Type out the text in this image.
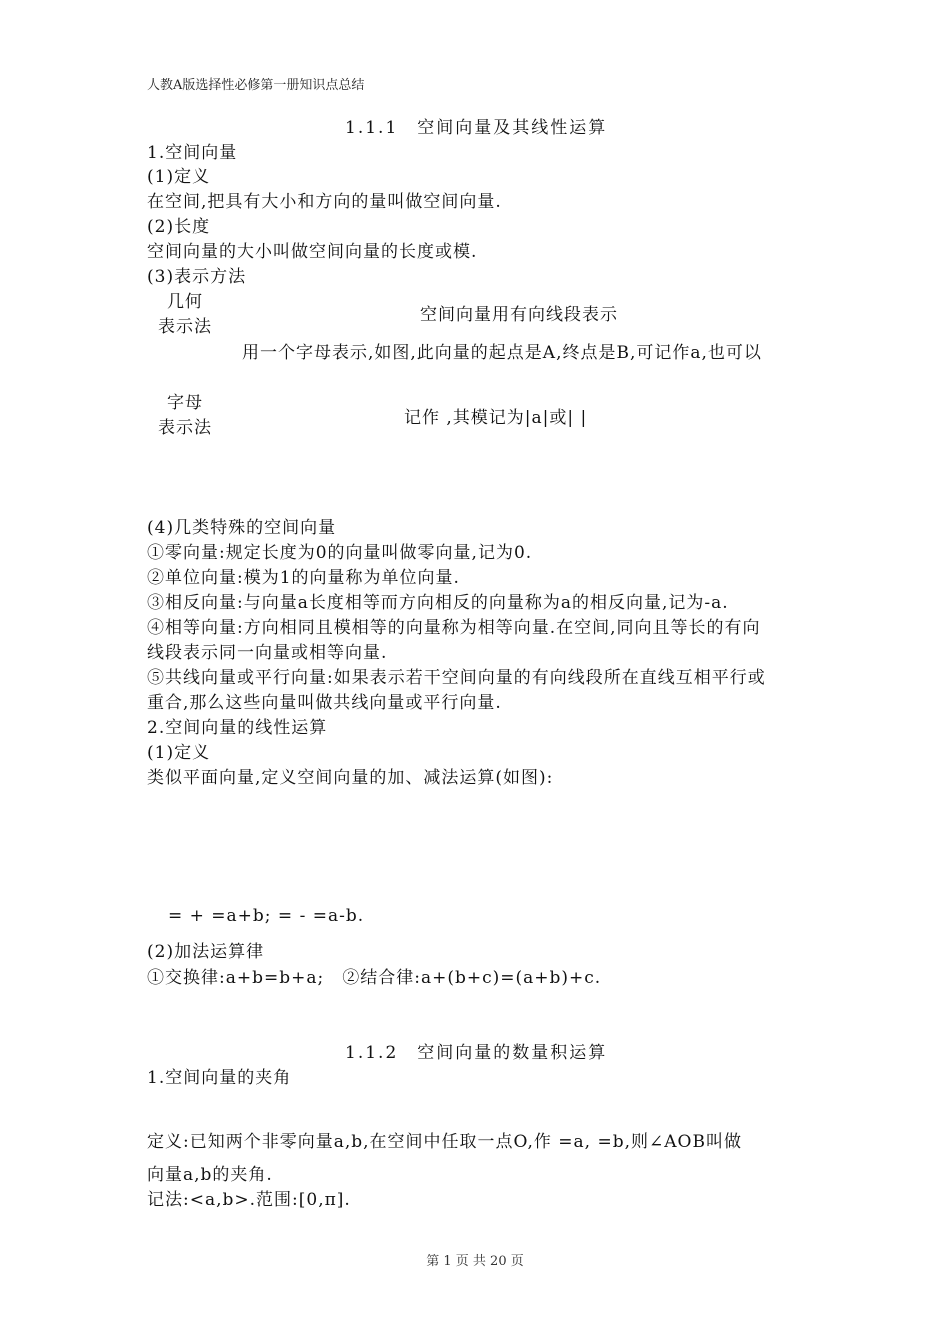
人教A版选择性必修第一册知识点总结
1.1.1　空间向量及其线性运算
1.空间向量
(1)定义
在空间,把具有大小和方向的量叫做空间向量.
(2)长度
空间向量的大小叫做空间向量的长度或模.
(3)表示方法
几何
表示法
空间向量用有向线段表示
用一个字母表示,如图,此向量的起点是A,终点是B,可记作a,也可以
字母
表示法	记作 ,其模记为|a|或| |
(4)几类特殊的空间向量
①零向量:规定长度为0的向量叫做零向量,记为0.
②单位向量:模为1的向量称为单位向量.
③相反向量:与向量a长度相等而方向相反的向量称为a的相反向量,记为-a.
④相等向量:方向相同且模相等的向量称为相等向量.在空间,同向且等长的有向
线段表示同一向量或相等向量.
⑤共线向量或平行向量:如果表示若干空间向量的有向线段所在直线互相平行或
重合,那么这些向量叫做共线向量或平行向量.
2.空间向量的线性运算
(1)定义
类似平面向量,定义空间向量的加、减法运算(如图):
= + =a+b; = - =a-b.
(2)加法运算律
①交换律:a+b=b+a;　②结合律:a+(b+c)=(a+b)+c.
1.1.2　空间向量的数量积运算
1.空间向量的夹角
定义:已知两个非零向量a,b,在空间中任取一点O,作 =a, =b,则∠AOB叫做
向量a,b的夹角.
记法:<a,b>.范围:[0,π].
第 1 页 共 20 页
